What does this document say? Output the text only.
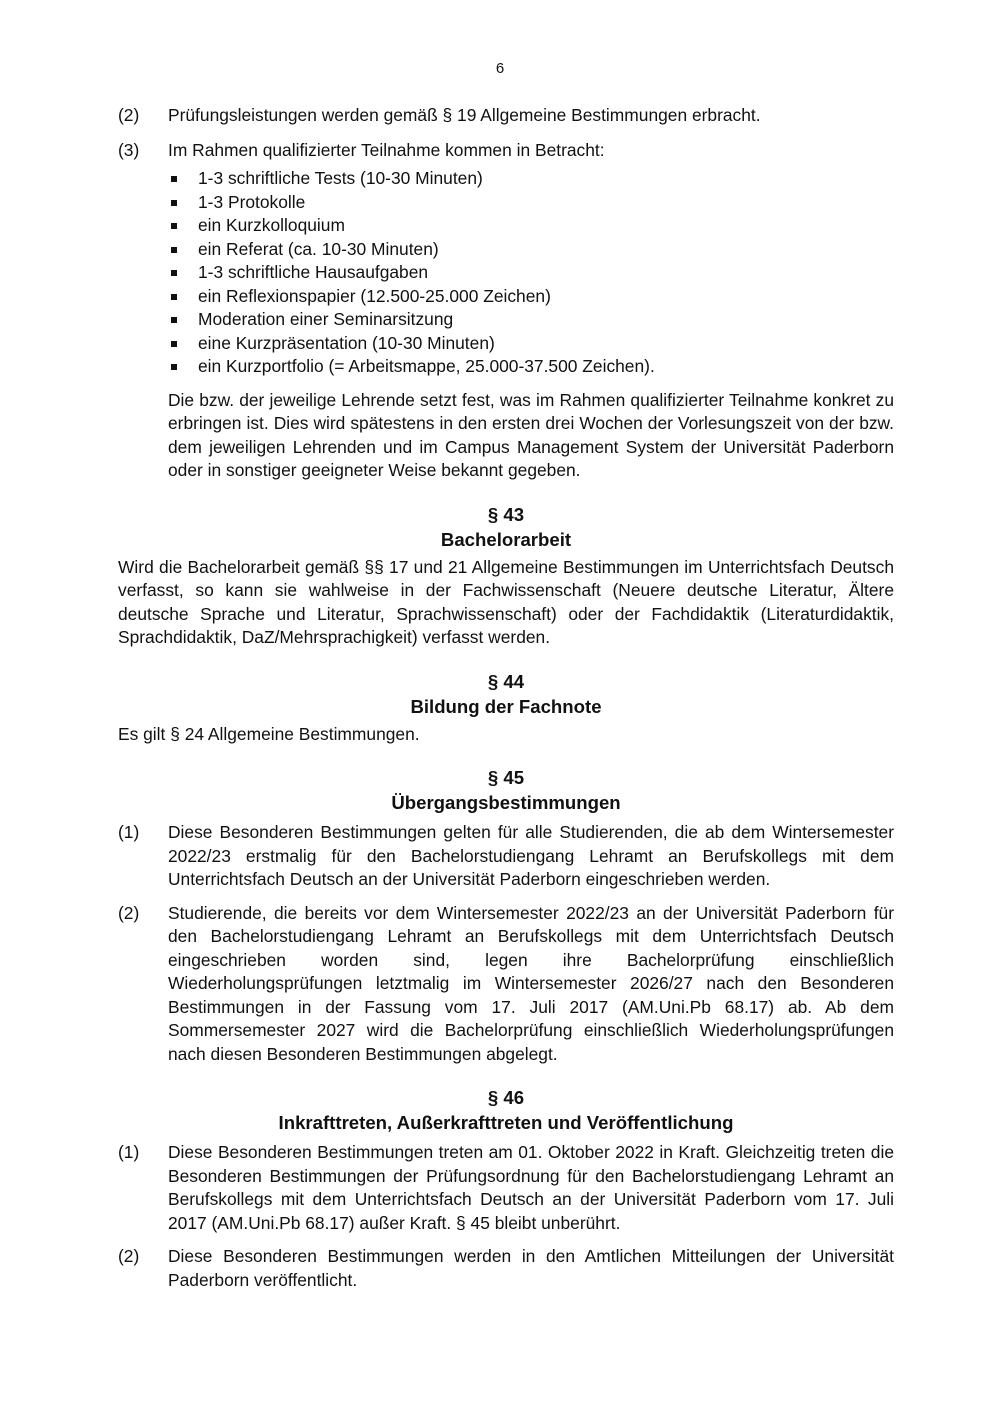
6

(2) Prüfungsleistungen werden gemäß § 19 Allgemeine Bestimmungen erbracht.

(3) Im Rahmen qualifizierter Teilnahme kommen in Betracht:

1-3 schriftliche Tests (10-30 Minuten)
1-3 Protokolle
ein Kurzkolloquium
ein Referat (ca. 10-30 Minuten)
1-3 schriftliche Hausaufgaben
ein Reflexionspapier (12.500-25.000 Zeichen)
Moderation einer Seminarsitzung
eine Kurzpräsentation (10-30 Minuten)
ein Kurzportfolio (= Arbeitsmappe, 25.000-37.500 Zeichen).

Die bzw. der jeweilige Lehrende setzt fest, was im Rahmen qualifizierter Teilnahme konkret zu erbringen ist. Dies wird spätestens in den ersten drei Wochen der Vorlesungszeit von der bzw. dem jeweiligen Lehrenden und im Campus Management System der Universität Paderborn oder in sonstiger geeigneter Weise bekannt gegeben.

§ 43
Bachelorarbeit

Wird die Bachelorarbeit gemäß §§ 17 und 21 Allgemeine Bestimmungen im Unterrichtsfach Deutsch verfasst, so kann sie wahlweise in der Fachwissenschaft (Neuere deutsche Literatur, Ältere deutsche Sprache und Literatur, Sprachwissenschaft) oder der Fachdidaktik (Literaturdidaktik, Sprachdidaktik, DaZ/Mehrsprachigkeit) verfasst werden.

§ 44
Bildung der Fachnote

Es gilt § 24 Allgemeine Bestimmungen.

§ 45
Übergangsbestimmungen

(1) Diese Besonderen Bestimmungen gelten für alle Studierenden, die ab dem Wintersemester 2022/23 erstmalig für den Bachelorstudiengang Lehramt an Berufskollegs mit dem Unterrichtsfach Deutsch an der Universität Paderborn eingeschrieben werden.

(2) Studierende, die bereits vor dem Wintersemester 2022/23 an der Universität Paderborn für den Bachelorstudiengang Lehramt an Berufskollegs mit dem Unterrichtsfach Deutsch eingeschrieben worden sind, legen ihre Bachelorprüfung einschließlich Wiederholungsprüfungen letztmalig im Wintersemester 2026/27 nach den Besonderen Bestimmungen in der Fassung vom 17. Juli 2017 (AM.Uni.Pb 68.17) ab. Ab dem Sommersemester 2027 wird die Bachelorprüfung einschließlich Wiederholungsprüfungen nach diesen Besonderen Bestimmungen abgelegt.

§ 46
Inkrafttreten, Außerkrafttreten und Veröffentlichung

(1) Diese Besonderen Bestimmungen treten am 01. Oktober 2022 in Kraft. Gleichzeitig treten die Besonderen Bestimmungen der Prüfungsordnung für den Bachelorstudiengang Lehramt an Berufskollegs mit dem Unterrichtsfach Deutsch an der Universität Paderborn vom 17. Juli 2017 (AM.Uni.Pb 68.17) außer Kraft. § 45 bleibt unberührt.

(2) Diese Besonderen Bestimmungen werden in den Amtlichen Mitteilungen der Universität Paderborn veröffentlicht.
